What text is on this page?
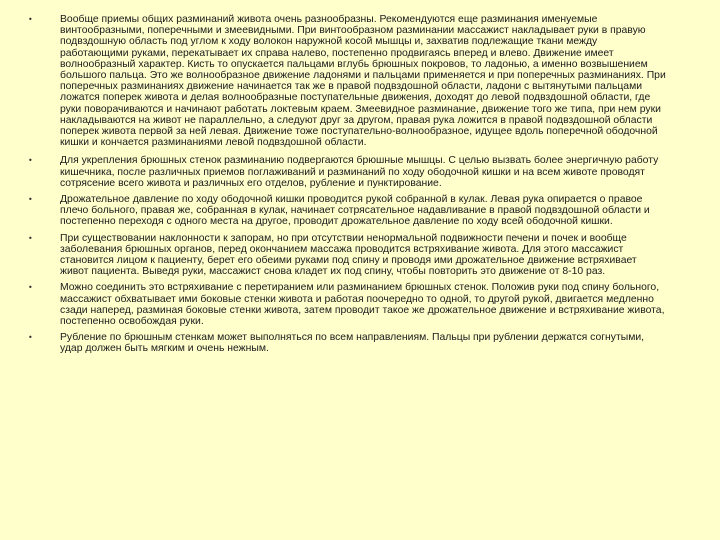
•	Вообще приемы общих разминаний живота очень разнообразны. Рекомендуются еще разминания именуемые винтообразными, поперечными и змеевидными. При винтообразном разминании массажист накладывает руки в правую подвздошную область под углом к ходу волокон наружной косой мышцы и, захватив подлежащие ткани между работающими руками, перекатывает их справа налево, постепенно продвигаясь вперед и влево. Движение имеет волнообразный характер. Кисть то опускается пальцами вглубь брюшных покровов, то ладонью, а именно возвышением большого пальца. Это же волнообразное движение ладонями и пальцами применяется и при поперечных разминаниях. При поперечных разминаниях движение начинается так же в правой подвздошной области, ладони с вытянутыми пальцами ложатся поперек живота и делая волнообразные поступательные движения, доходят до левой подвздошной области, где руки поворачиваются и начинают работать локтевым краем. Змеевидное разминание, движение того же типа, при нем руки накладываются на живот не параллельно, а следуют друг за другом, правая рука ложится в правой подвздошной области поперек живота первой за ней левая. Движение тоже поступательно-волнообразное, идущее вдоль поперечной ободочной кишки и кончается разминаниями левой подвздошной области.
•	Для укрепления брюшных стенок разминанию подвергаются брюшные мышцы. С целью вызвать более энергичную работу кишечника, после различных приемов поглаживаний и разминаний по ходу ободочной кишки и на всем животе проводят сотрясение всего живота и различных его отделов, рубление и пунктирование.
•	Дрожательное давление по ходу ободочной кишки проводится рукой собранной в кулак. Левая рука опирается о правое плечо больного, правая же, собранная в кулак, начинает сотрясательное надавливание в правой подвздошной области и постепенно переходя с одного места на другое, проводит дрожательное давление по ходу всей ободочной кишки.
•	При существовании наклонности к запорам, но при отсутствии ненормальной подвижности печени и почек и вообще заболевания брюшных органов, перед окончанием массажа проводится встряхивание живота. Для этого массажист становится лицом к пациенту, берет его обеими руками под спину и проводя ими дрожательное движение встряхивает живот пациента. Выведя руки, массажист снова кладет их под спину, чтобы повторить это движение от 8-10 раз.
•	Можно соединить это встряхивание с перетиранием или разминанием брюшных стенок. Положив руки под спину больного, массажист обхватывает ими боковые стенки живота и работая поочередно то одной, то другой рукой, двигается медленно сзади наперед, разминая боковые стенки живота, затем проводит такое же дрожательное движение и встряхивание живота, постепенно освобождая руки.
•	Рубление по брюшным стенкам может выполняться по всем направлениям. Пальцы при рублении держатся согнутыми, удар должен быть мягким и очень нежным.
